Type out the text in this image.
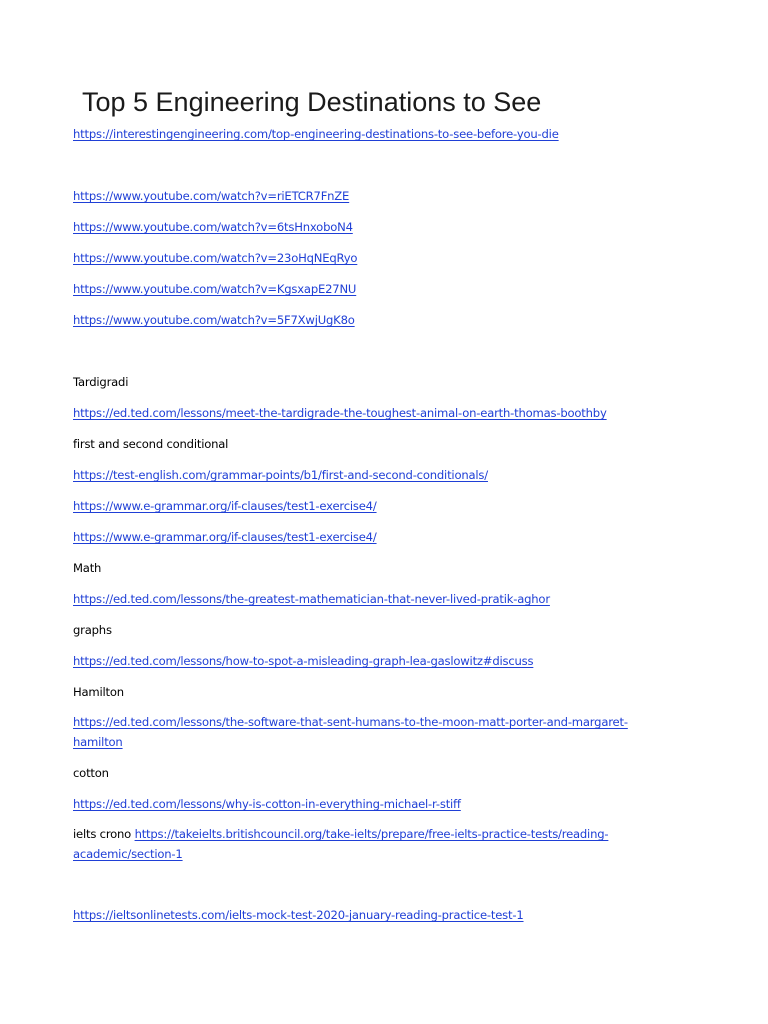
Top 5 Engineering Destinations to See
https://interestingengineering.com/top-engineering-destinations-to-see-before-you-die
https://www.youtube.com/watch?v=riETCR7FnZE
https://www.youtube.com/watch?v=6tsHnxoboN4
https://www.youtube.com/watch?v=23oHqNEqRyo
https://www.youtube.com/watch?v=KgsxapE27NU
https://www.youtube.com/watch?v=5F7XwjUgK8o
Tardigradi
https://ed.ted.com/lessons/meet-the-tardigrade-the-toughest-animal-on-earth-thomas-boothby
first and second conditional
https://test-english.com/grammar-points/b1/first-and-second-conditionals/
https://www.e-grammar.org/if-clauses/test1-exercise4/
https://www.e-grammar.org/if-clauses/test1-exercise4/
Math
https://ed.ted.com/lessons/the-greatest-mathematician-that-never-lived-pratik-aghor
graphs
https://ed.ted.com/lessons/how-to-spot-a-misleading-graph-lea-gaslowitz#discuss
Hamilton
https://ed.ted.com/lessons/the-software-that-sent-humans-to-the-moon-matt-porter-and-margaret-
hamilton
cotton
https://ed.ted.com/lessons/why-is-cotton-in-everything-michael-r-stiff
ielts crono https://takeielts.britishcouncil.org/take-ielts/prepare/free-ielts-practice-tests/reading-
academic/section-1
https://ieltsonlinetests.com/ielts-mock-test-2020-january-reading-practice-test-1
